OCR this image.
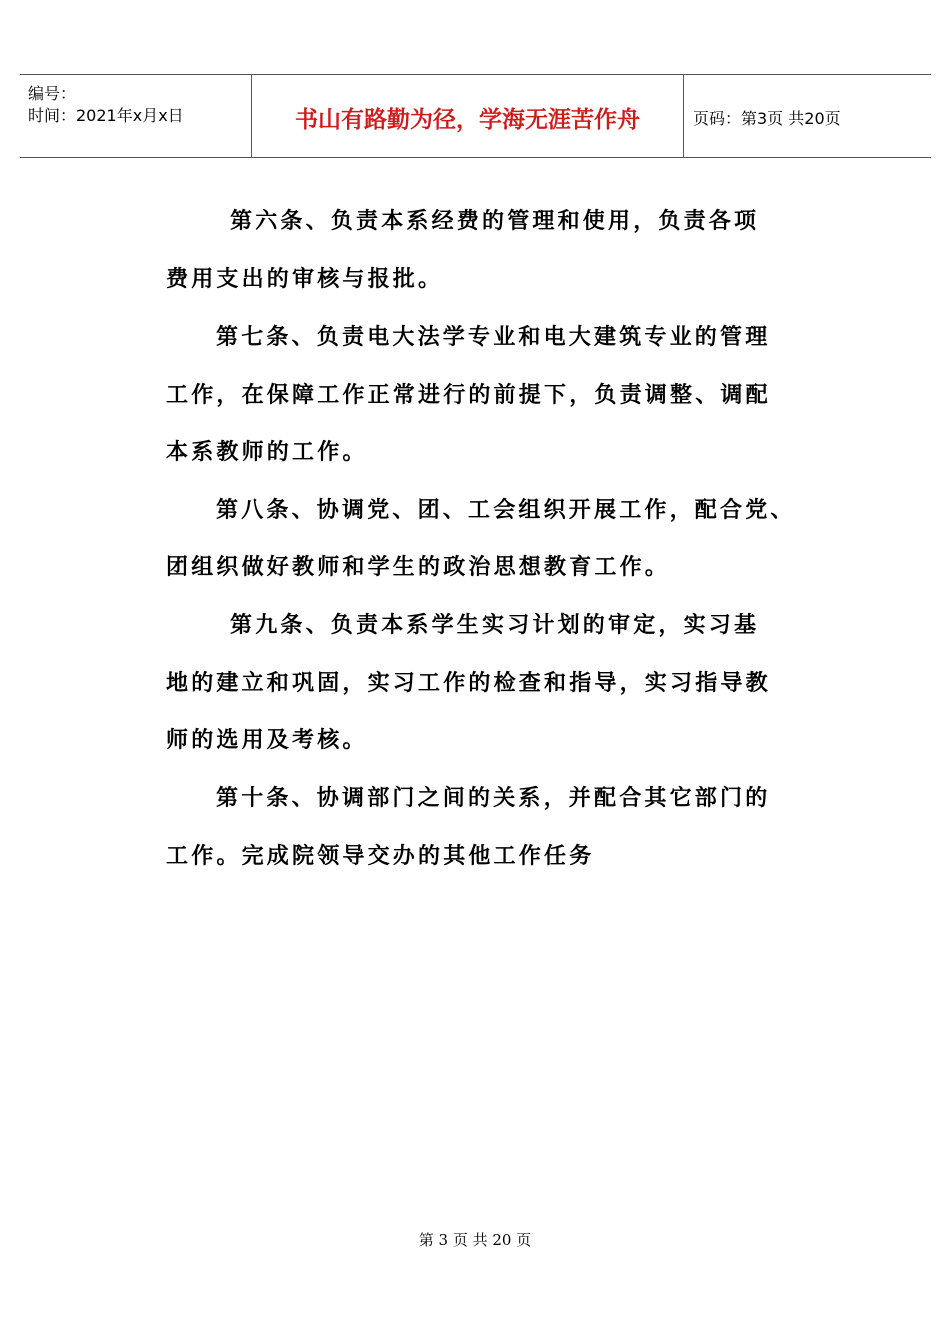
编号：
时间：2021年x月x日	书山有路勤为径，学海无涯苦作舟	页码：第3页 共20页
第六条、负责本系经费的管理和使用，负责各项
费用支出的审核与报批。
第七条、负责电大法学专业和电大建筑专业的管理
工作，在保障工作正常进行的前提下，负责调整、调配
本系教师的工作。
第八条、协调党、团、工会组织开展工作，配合党、
团组织做好教师和学生的政治思想教育工作。
第九条、负责本系学生实习计划的审定，实习基
地的建立和巩固，实习工作的检查和指导，实习指导教
师的选用及考核。
第十条、协调部门之间的关系，并配合其它部门的
工作。完成院领导交办的其他工作任务
第 3 页 共 20 页
